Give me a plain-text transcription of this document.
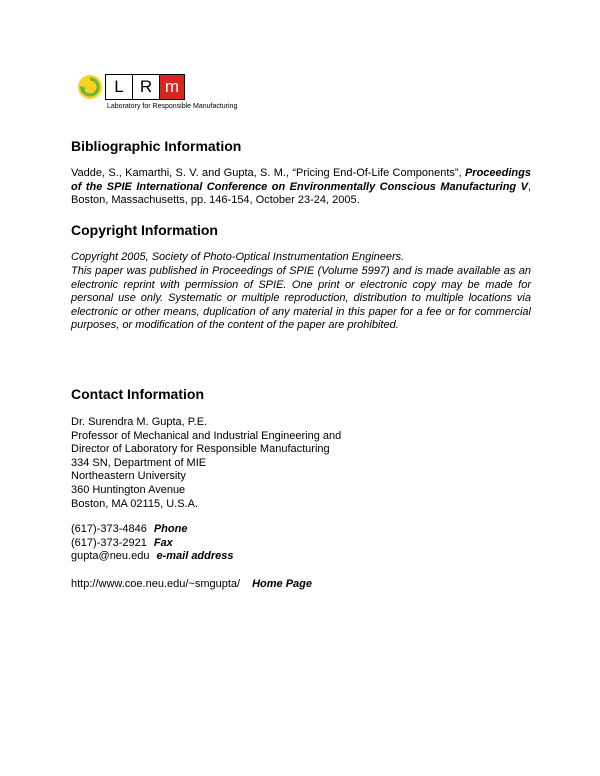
L R m
Laboratory for Responsible Manufacturing
Bibliographic Information
Vadde, S., Kamarthi, S. V. and Gupta, S. M., “Pricing End-Of-Life Components”, Proceedings of the SPIE International Conference on Environmentally Conscious Manufacturing V, Boston, Massachusetts, pp. 146-154, October 23-24, 2005.
Copyright Information
Copyright 2005, Society of Photo-Optical Instrumentation Engineers.
This paper was published in Proceedings of SPIE (Volume 5997) and is made available as an electronic reprint with permission of SPIE. One print or electronic copy may be made for personal use only. Systematic or multiple reproduction, distribution to multiple locations via electronic or other means, duplication of any material in this paper for a fee or for commercial purposes, or modification of the content of the paper are prohibited.
Contact Information
Dr. Surendra M. Gupta, P.E.
Professor of Mechanical and Industrial Engineering and
Director of Laboratory for Responsible Manufacturing
334 SN, Department of MIE
Northeastern University
360 Huntington Avenue
Boston, MA 02115, U.S.A.
(617)-373-4846 Phone
(617)-373-2921 Fax
gupta@neu.edu e-mail address
http://www.coe.neu.edu/~smgupta/ Home Page
